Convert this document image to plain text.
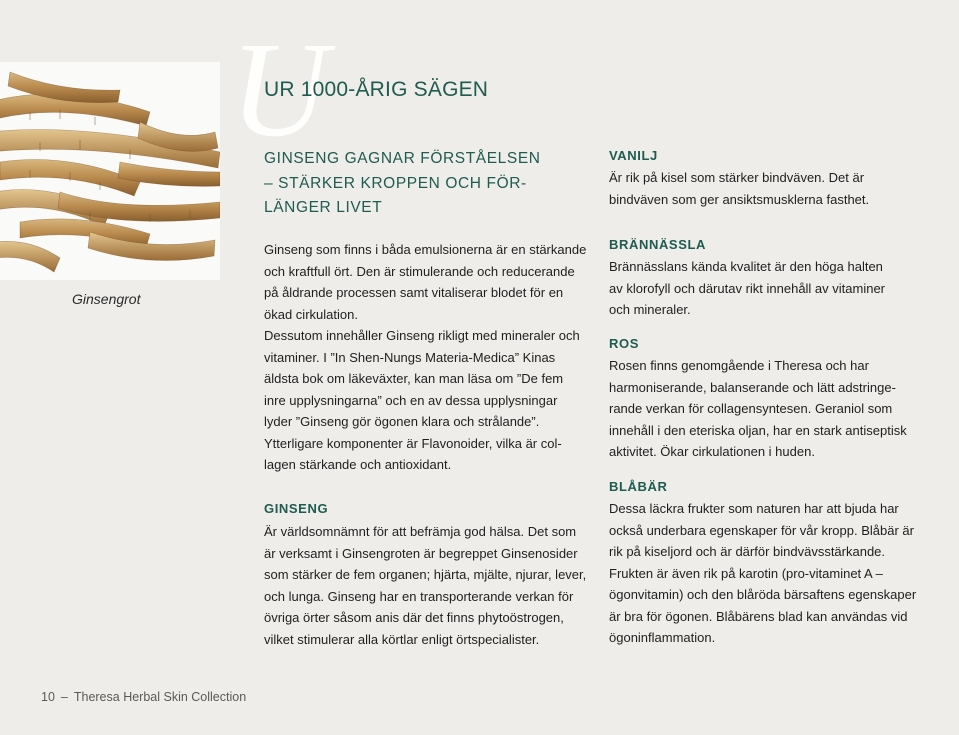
Ginsengrot
U
UR 1000-ÅRIG SÄGEN
GINSENG GAGNAR FÖRSTÅELSEN
– STÄRKER KROPPEN OCH FÖR-
LÄNGER LIVET

Ginseng som finns i båda emulsionerna är en stärkande
och kraftfull ört. Den är stimulerande och reducerande
på åldrande processen samt vitaliserar blodet för en
ökad cirkulation.
Dessutom innehåller Ginseng rikligt med mineraler och
vitaminer. I ”In Shen-Nungs Materia-Medica” Kinas
äldsta bok om läkeväxter, kan man läsa om ”De fem
inre upplysningarna” och en av dessa upplysningar
lyder ”Ginseng gör ögonen klara och strålande”.
Ytterligare komponenter är Flavonoider, vilka är col-
lagen stärkande och antioxidant.

GINSENG

Är världsomnämnt för att befrämja god hälsa. Det som
är verksamt i Ginsengroten är begreppet Ginsenosider
som stärker de fem organen; hjärta, mjälte, njurar, lever,
och lunga. Ginseng har en transporterande verkan för
övriga örter såsom anis där det finns phytoöstrogen,
vilket stimulerar alla körtlar enligt örtspecialister.

VANILJ

Är rik på kisel som stärker bindväven. Det är
bindväven som ger ansiktsmusklerna fasthet.

BRÄNNÄSSLA

Brännässlans kända kvalitet är den höga halten
av klorofyll och därutav rikt innehåll av vitaminer
och mineraler.

ROS

Rosen finns genomgående i Theresa och har
harmoniserande, balanserande och lätt adstringe-
rande verkan för collagensyntesen. Geraniol som
innehåll i den eteriska oljan, har en stark antiseptisk
aktivitet. Ökar cirkulationen i huden.

BLÅBÄR

Dessa läckra frukter som naturen har att bjuda har
också underbara egenskaper för vår kropp. Blåbär är
rik på kiseljord och är därför bindvävsstärkande.
Frukten är även rik på karotin (pro-vitaminet A –
ögonvitamin) och den blåröda bärsaftens egenskaper
är bra för ögonen. Blåbärens blad kan användas vid
ögoninflammation.

10 – Theresa Herbal Skin Collection
